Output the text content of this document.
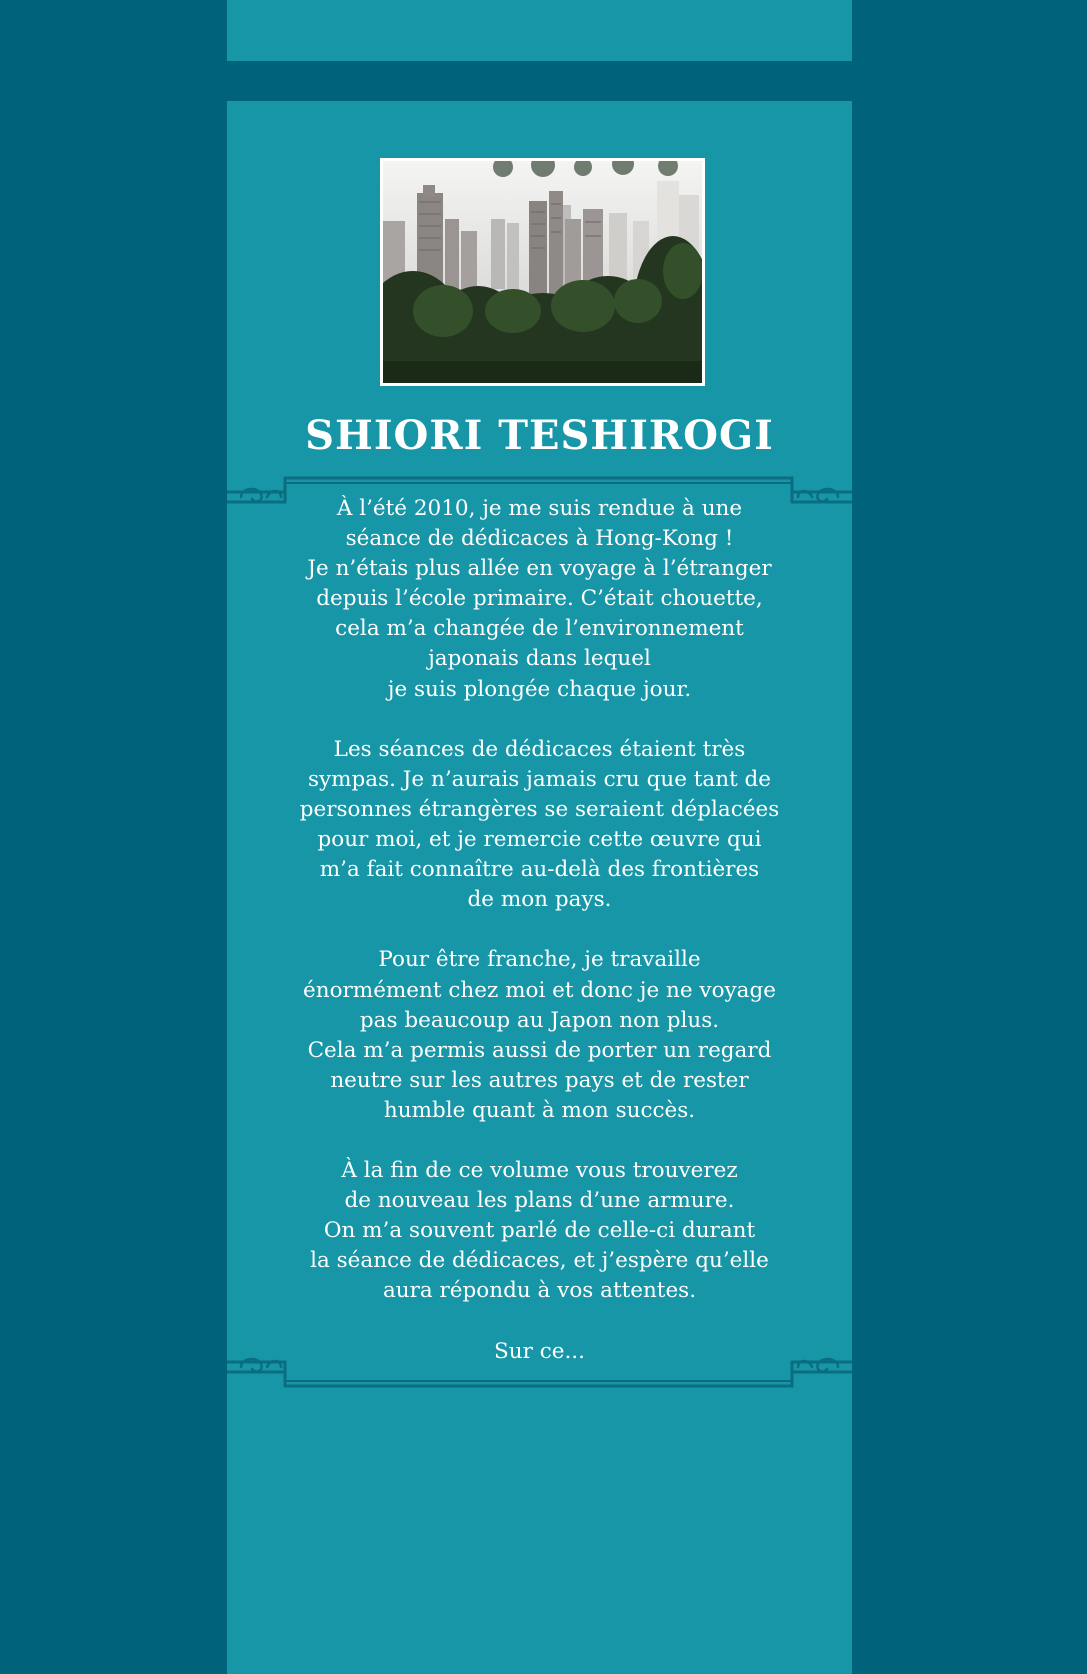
SHIORI TESHIROGI

À l’été 2010, je me suis rendue à une
séance de dédicaces à Hong-Kong !
Je n’étais plus allée en voyage à l’étranger
depuis l’école primaire. C’était chouette,
cela m’a changée de l’environnement
japonais dans lequel
je suis plongée chaque jour.

Les séances de dédicaces étaient très
sympas. Je n’aurais jamais cru que tant de
personnes étrangères se seraient déplacées
pour moi, et je remercie cette œuvre qui
m’a fait connaître au-delà des frontières
de mon pays.

Pour être franche, je travaille
énormément chez moi et donc je ne voyage
pas beaucoup au Japon non plus.
Cela m’a permis aussi de porter un regard
neutre sur les autres pays et de rester
humble quant à mon succès.

À la fin de ce volume vous trouverez
de nouveau les plans d’une armure.
On m’a souvent parlé de celle-ci durant
la séance de dédicaces, et j’espère qu’elle
aura répondu à vos attentes.

Sur ce...
